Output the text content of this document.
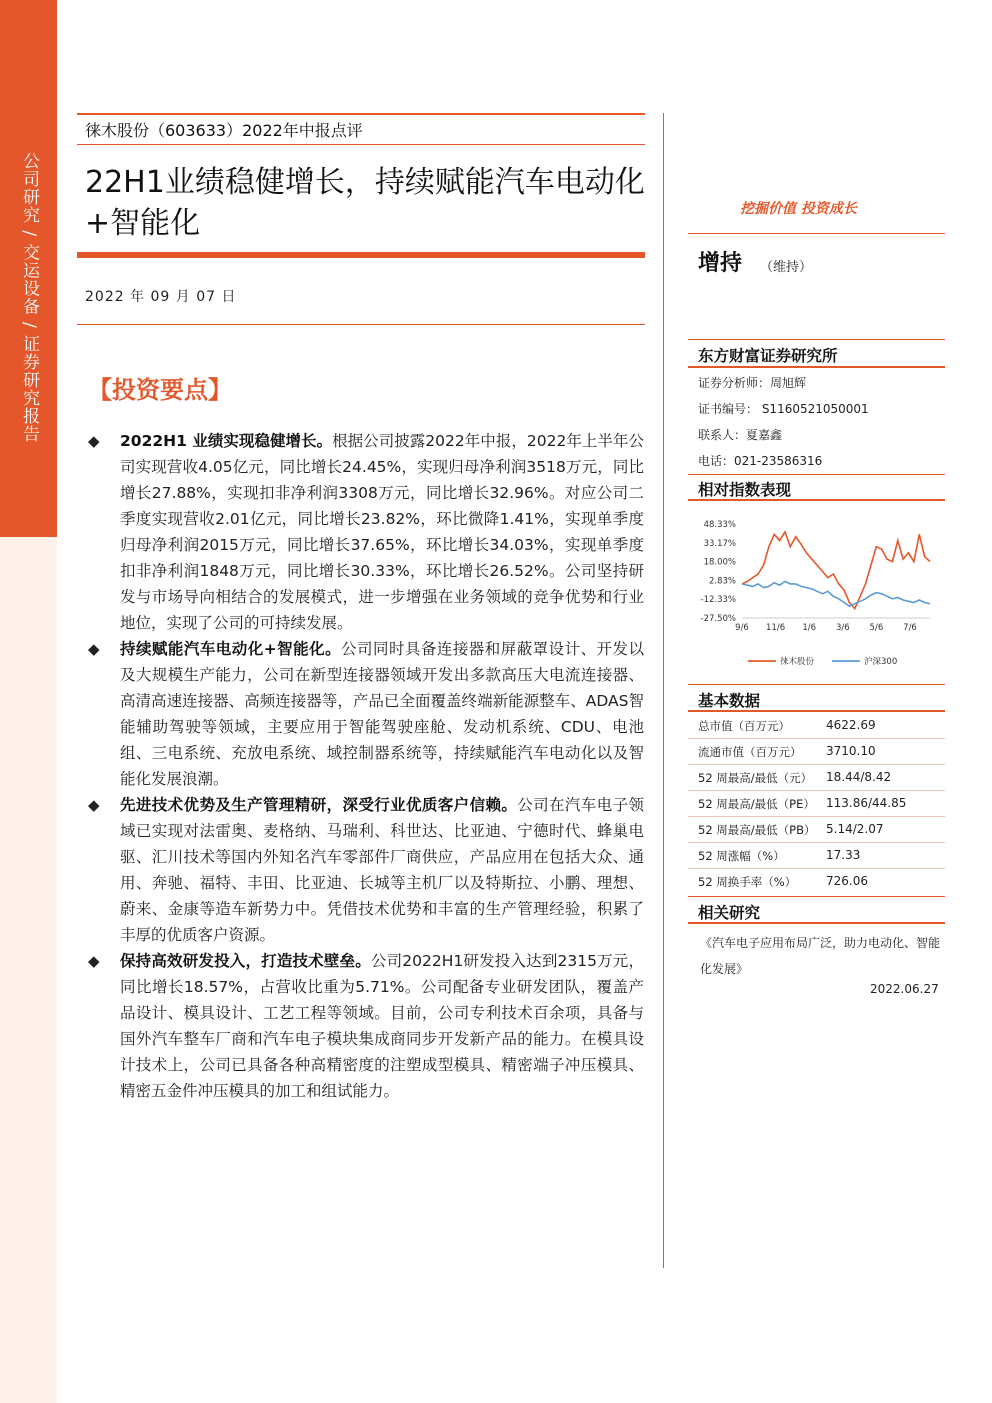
公司研究 / 交运设备 / 证券研究报告
徕木股份（603633）2022年中报点评
22H1业绩稳健增长，持续赋能汽车电动化+智能化
2022 年 09 月 07 日
【投资要点】
◆ 2022H1 业绩实现稳健增长。根据公司披露2022年中报，2022年上半年公司实现营收4.05亿元，同比增长24.45%，实现归母净利润3518万元，同比增长27.88%，实现扣非净利润3308万元，同比增长32.96%。对应公司二季度实现营收2.01亿元，同比增长23.82%，环比微降1.41%，实现单季度归母净利润2015万元，同比增长37.65%，环比增长34.03%，实现单季度扣非净利润1848万元，同比增长30.33%，环比增长26.52%。公司坚持研发与市场导向相结合的发展模式，进一步增强在业务领域的竞争优势和行业地位，实现了公司的可持续发展。
◆ 持续赋能汽车电动化+智能化。公司同时具备连接器和屏蔽罩设计、开发以及大规模生产能力，公司在新型连接器领域开发出多款高压大电流连接器、高清高速连接器、高频连接器等，产品已全面覆盖终端新能源整车、ADAS智能辅助驾驶等领域，主要应用于智能驾驶座舱、发动机系统、CDU、电池组、三电系统、充放电系统、域控制器系统等，持续赋能汽车电动化以及智能化发展浪潮。
◆ 先进技术优势及生产管理精研，深受行业优质客户信赖。公司在汽车电子领域已实现对法雷奥、麦格纳、马瑞利、科世达、比亚迪、宁德时代、蜂巢电驱、汇川技术等国内外知名汽车零部件厂商供应，产品应用在包括大众、通用、奔驰、福特、丰田、比亚迪、长城等主机厂以及特斯拉、小鹏、理想、蔚来、金康等造车新势力中。凭借技术优势和丰富的生产管理经验，积累了丰厚的优质客户资源。
◆ 保持高效研发投入，打造技术壁垒。公司2022H1研发投入达到2315万元，同比增长18.57%，占营收比重为5.71%。公司配备专业研发团队，覆盖产品设计、模具设计、工艺工程等领域。目前，公司专利技术百余项，具备与国外汽车整车厂商和汽车电子模块集成商同步开发新产品的能力。在模具设计技术上，公司已具备各种高精密度的注塑成型模具、精密端子冲压模具、精密五金件冲压模具的加工和组试能力。
挖掘价值 投资成长
增持 （维持）
东方财富证券研究所
证券分析师：周旭辉
证书编号： S1160521050001
联系人：夏嘉鑫
电话：021-23586316
相对指数表现
48.33%
33.17%
18.00%
2.83%
-12.33%
-27.50%
9/6 11/6 1/6 3/6 5/6 7/6
徕木股份	沪深300
基本数据
总市值（百万元）	4622.69
流通市值（百万元） 3710.10
52 周最高/最低（元） 18.44/8.42
52 周最高/最低（PE） 113.86/44.85
52 周最高/最低（PB） 5.14/2.07
52 周涨幅（%）	17.33
52 周换手率（%） 726.06
相关研究
《汽车电子应用布局广泛，助力电动化、智能化发展》
2022.06.27
